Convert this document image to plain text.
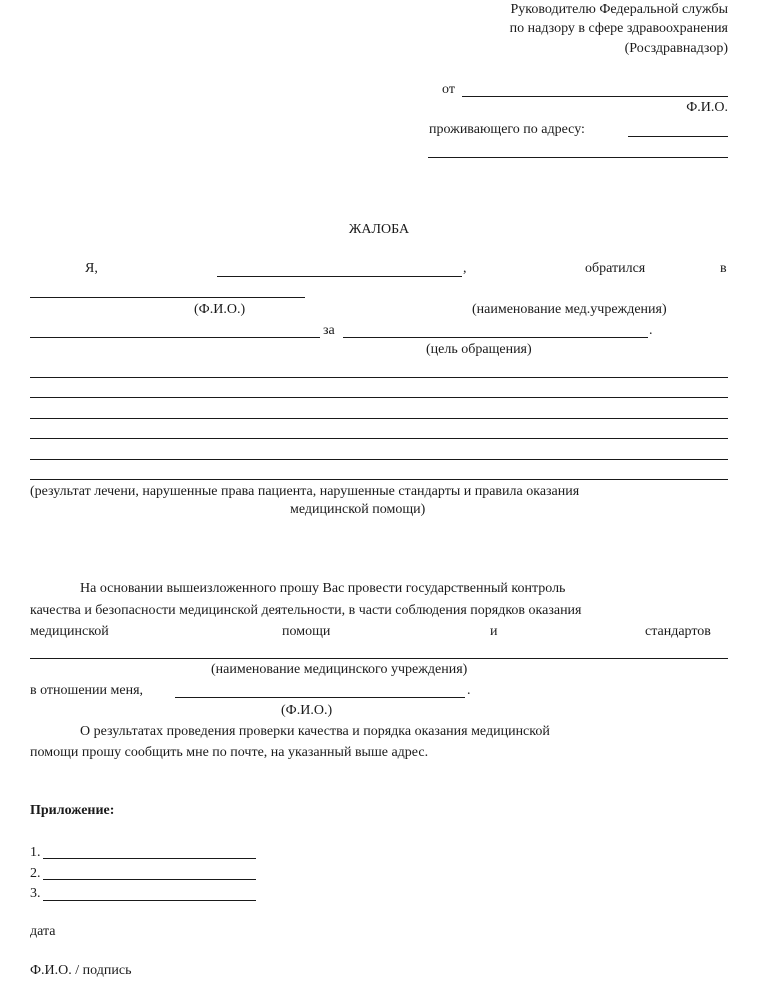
Руководителю Федеральной службы
по надзору в сфере здравоохранения
(Росздравнадзор)
от
Ф.И.О.
проживающего по адресу:
ЖАЛОБА
Я,	,	обратился	в
(Ф.И.О.)	(наименование мед.учреждения)
за	.
(цель обращения)
(результат лечени, нарушенные права пациента, нарушенные стандарты и правила оказания
медицинской помощи)
На основании вышеизложенного прошу Вас провести государственный контроль
качества и безопасности медицинской деятельности, в части соблюдения порядков оказания
медицинской	помощи	и	стандартов
(наименование медицинского учреждения)
в отношении меня,	.
(Ф.И.О.)
О результатах проведения проверки качества и порядка оказания медицинской
помощи прошу сообщить мне по почте, на указанный выше адрес.
Приложение:
1.
2.
3.
дата
Ф.И.О. / подпись
